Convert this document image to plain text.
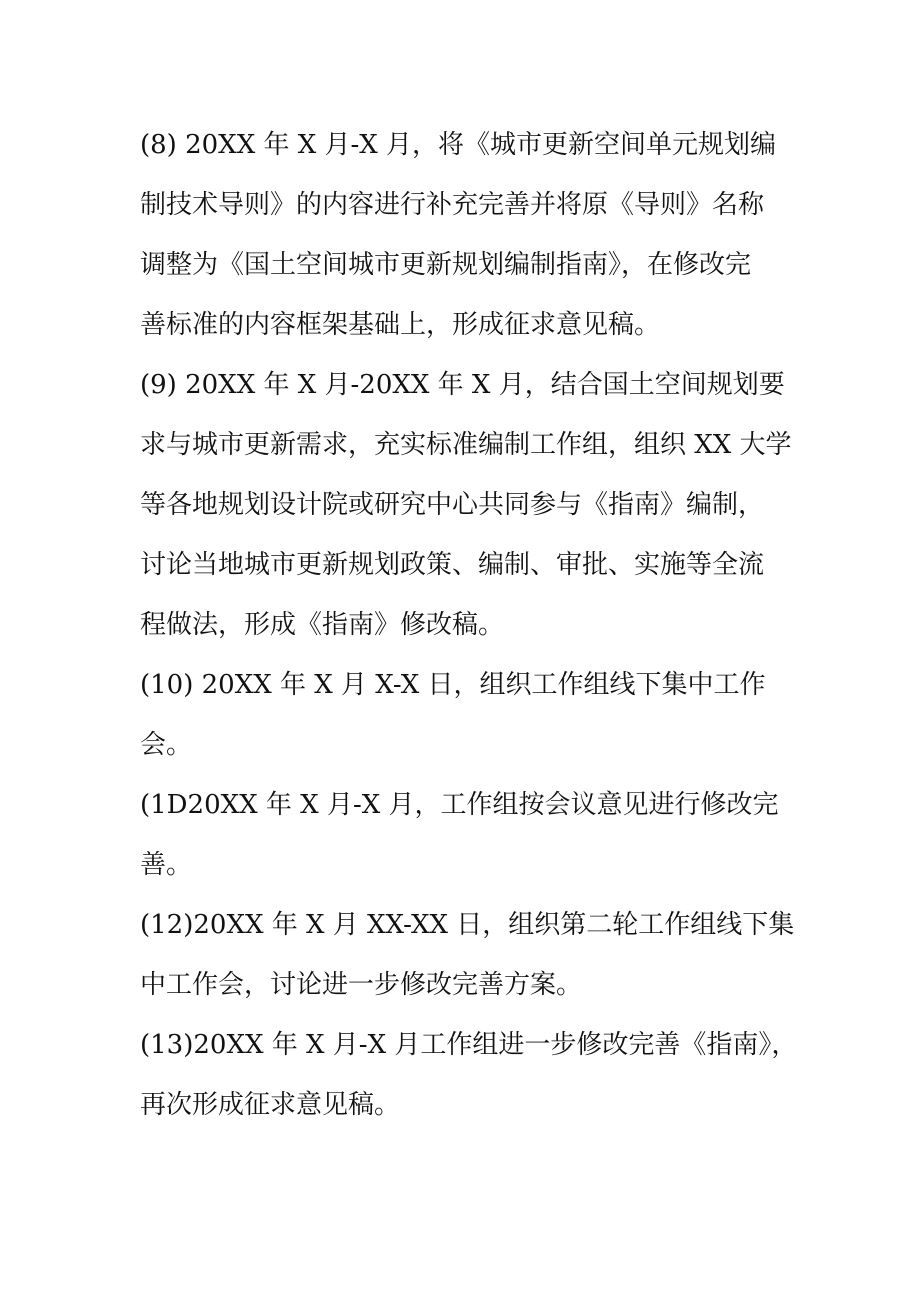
(8) 20XX 年 X 月-X 月，将《城市更新空间单元规划编
制技术导则》的内容进行补充完善并将原《导则》名称
调整为《国土空间城市更新规划编制指南》，在修改完
善标准的内容框架基础上，形成征求意见稿。
(9) 20XX 年 X 月-20XX 年 X 月，结合国土空间规划要
求与城市更新需求，充实标准编制工作组，组织 XX 大学
等各地规划设计院或研究中心共同参与《指南》编制，
讨论当地城市更新规划政策、编制、审批、实施等全流
程做法，形成《指南》修改稿。
(10) 20XX 年 X 月 X-X 日，组织工作组线下集中工作
会。
(1D20XX 年 X 月-X 月，工作组按会议意见进行修改完
善。
(12)20XX 年 X 月 XX-XX 日，组织第二轮工作组线下集
中工作会，讨论进一步修改完善方案。
(13)20XX 年 X 月-X 月工作组进一步修改完善《指南》，
再次形成征求意见稿。
